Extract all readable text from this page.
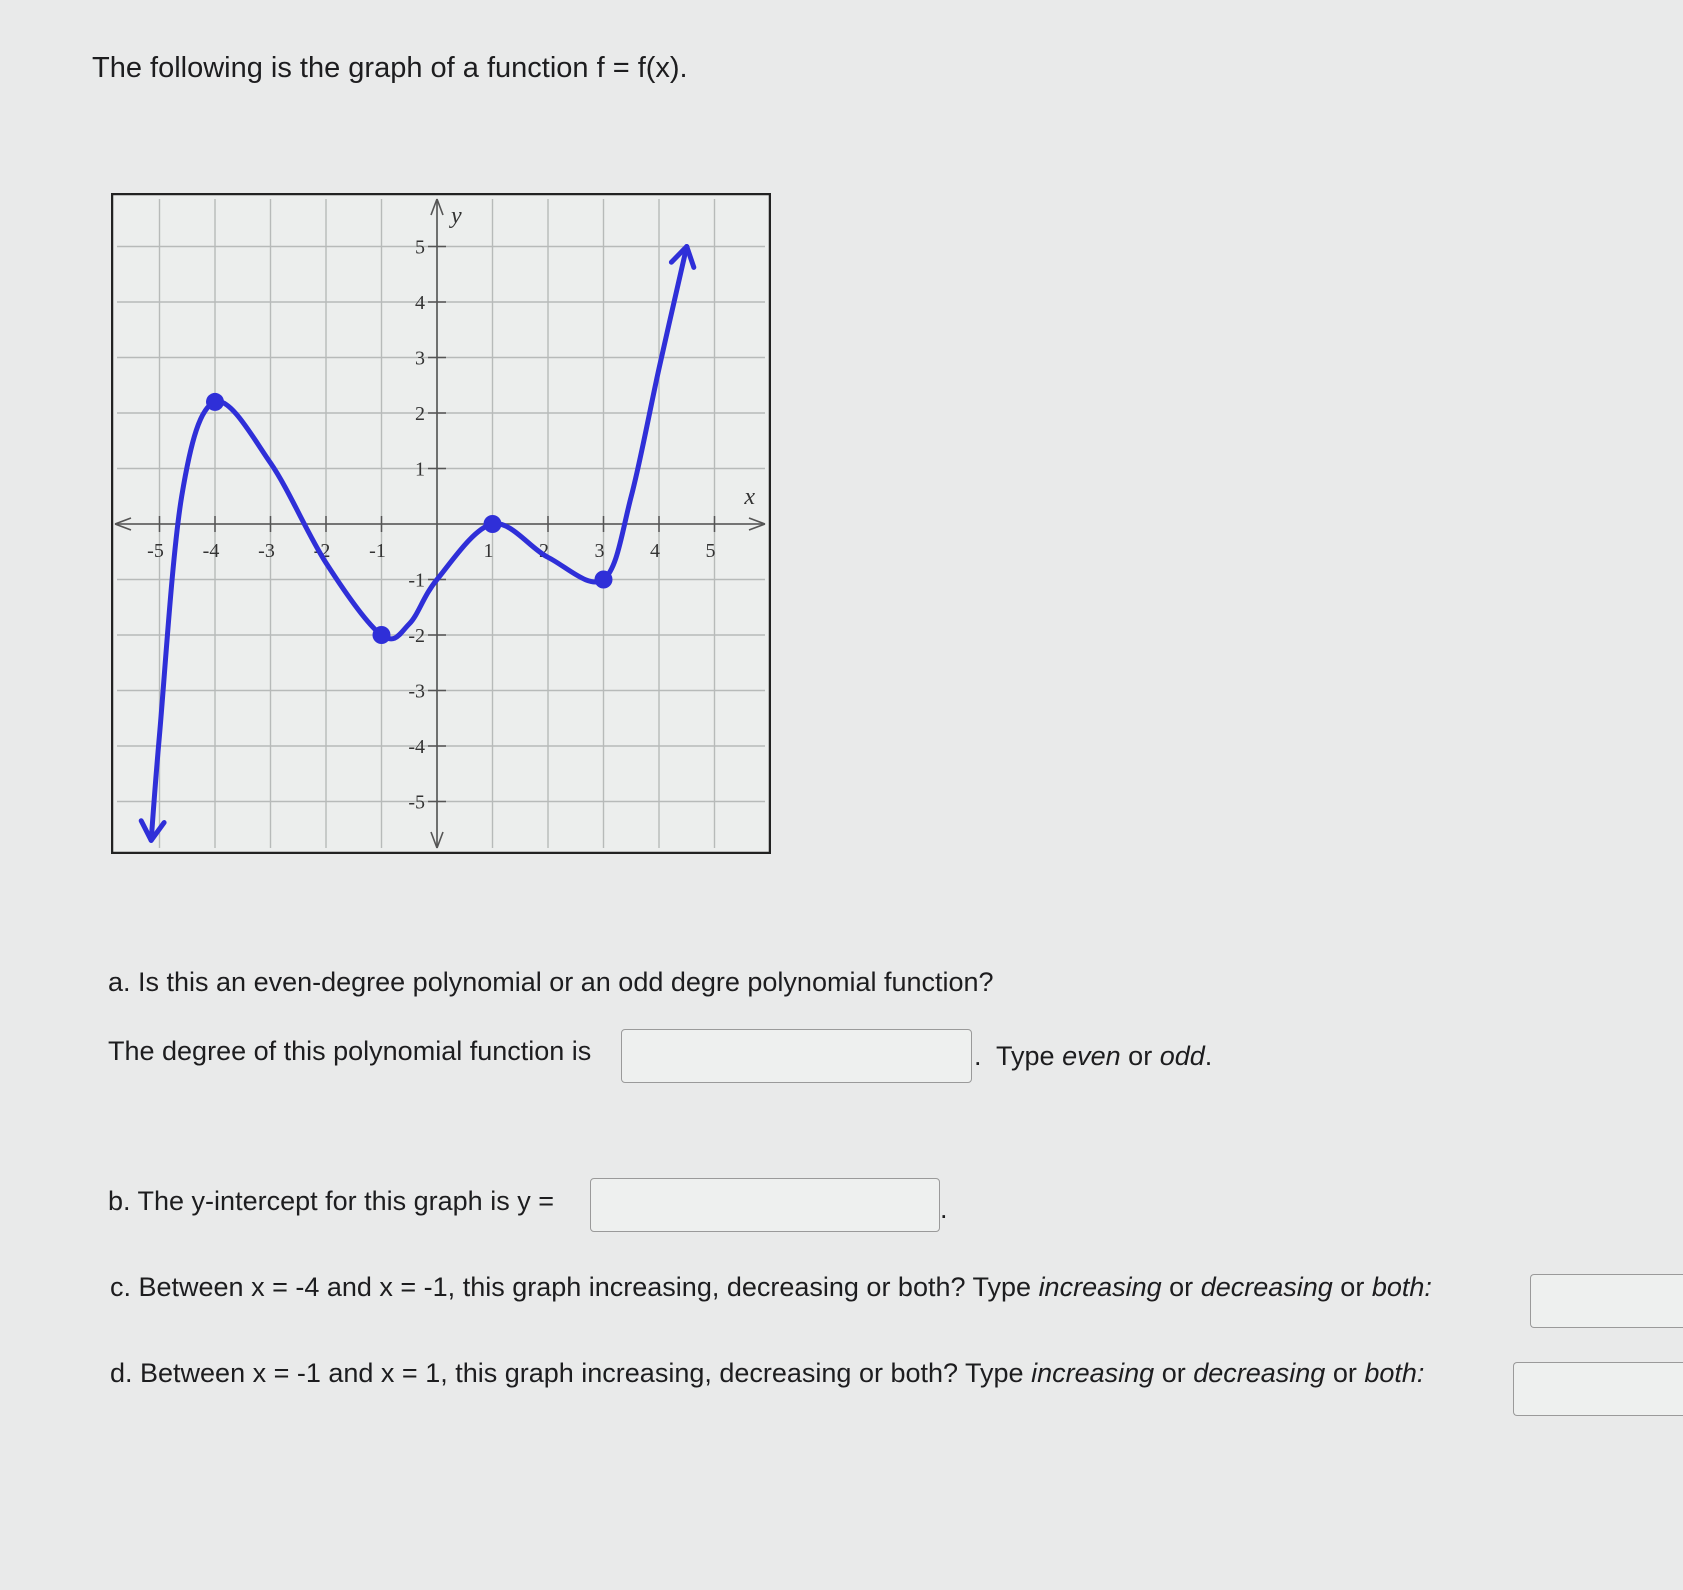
The following is the graph of a function f = f(x).
-5 -4 -3 -2 -1	1 2 3 4 5
5
4
3
2
1
-1
-2
-3
-4
-5
x
y
a. Is this an even-degree polynomial or an odd degre polynomial function?
The degree of this polynomial function is	. Type even or odd.
b. The y-intercept for this graph is y =	.
c. Between x = -4 and x = -1, this graph increasing, decreasing or both? Type increasing or decreasing or both:
d. Between x = -1 and x = 1, this graph increasing, decreasing or both? Type increasing or decreasing or both:
